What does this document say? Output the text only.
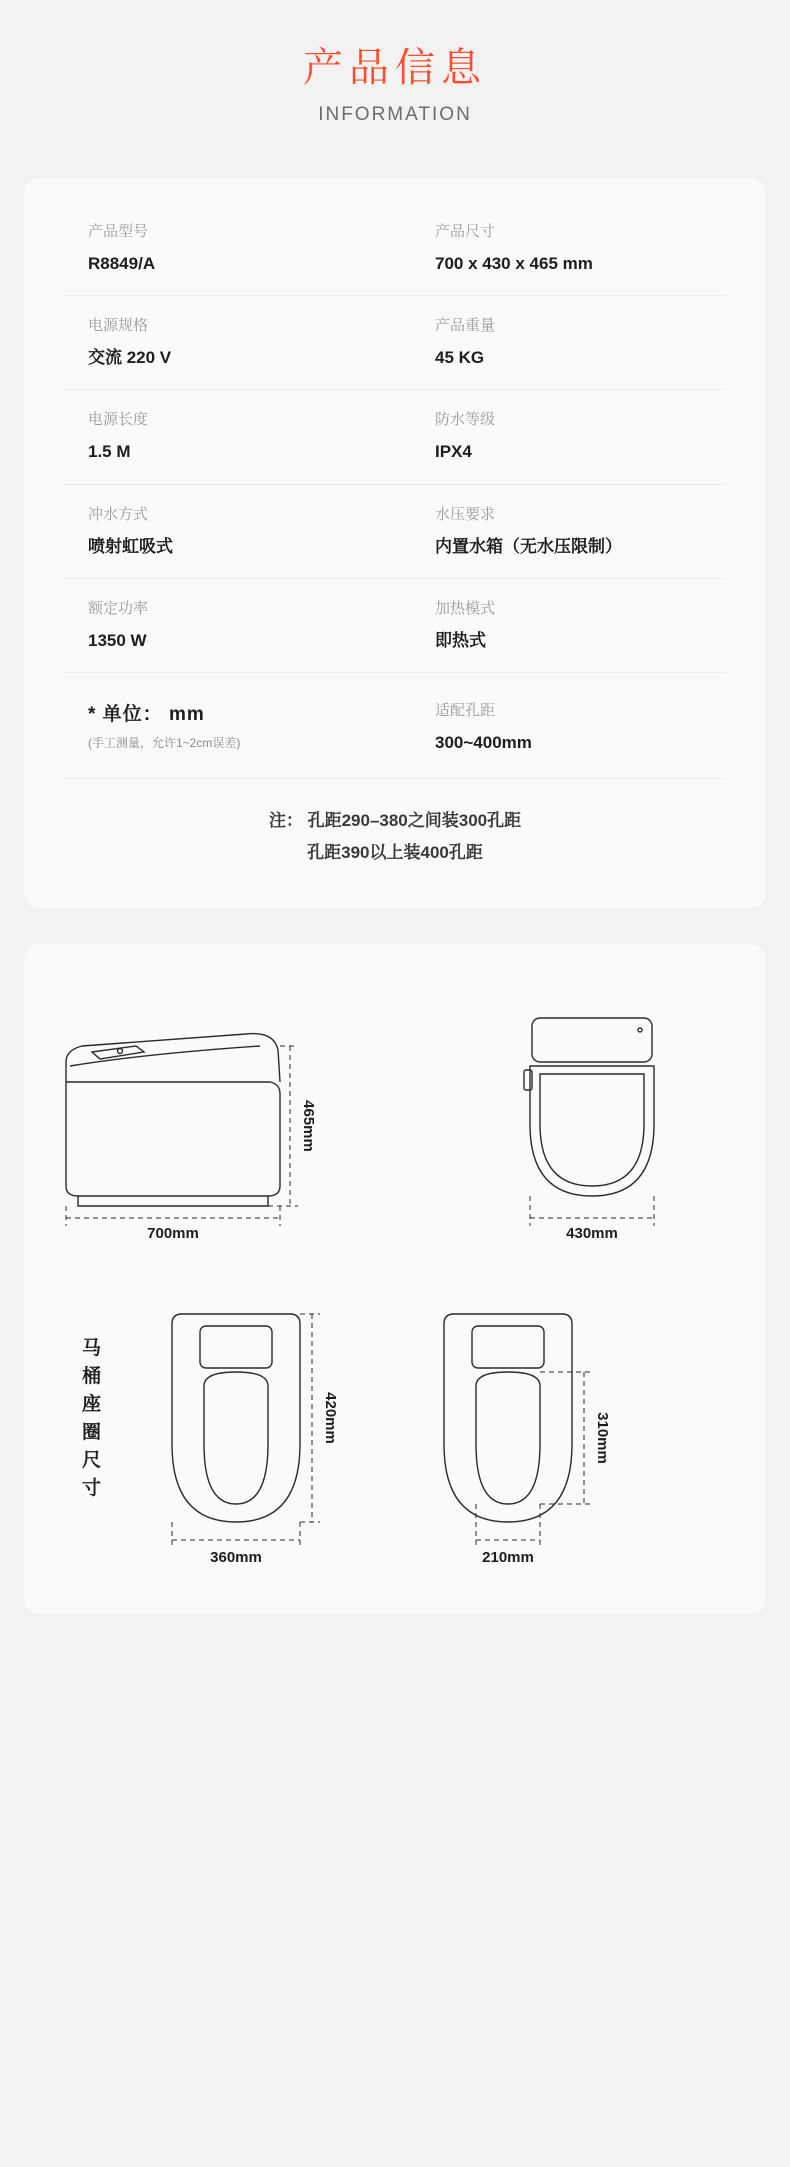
产品信息
INFORMATION
产品型号
R8849/A
产品尺寸
700 x 430 x 465 mm
电源规格
交流 220 V
产品重量
45 KG
电源长度
1.5 M
防水等级
IPX4
冲水方式
喷射虹吸式
水压要求
内置水箱（无水压限制）
额定功率
1350 W
加热模式
即热式
* 单位： mm
(手工测量，允许1~2cm误差)
适配孔距
300~400mm
注： 孔距290–380之间装300孔距
孔距390以上装400孔距
465mm
700mm	430mm
马
桶
座
圈
尺
寸
420mm
360mm
310mm
210mm
